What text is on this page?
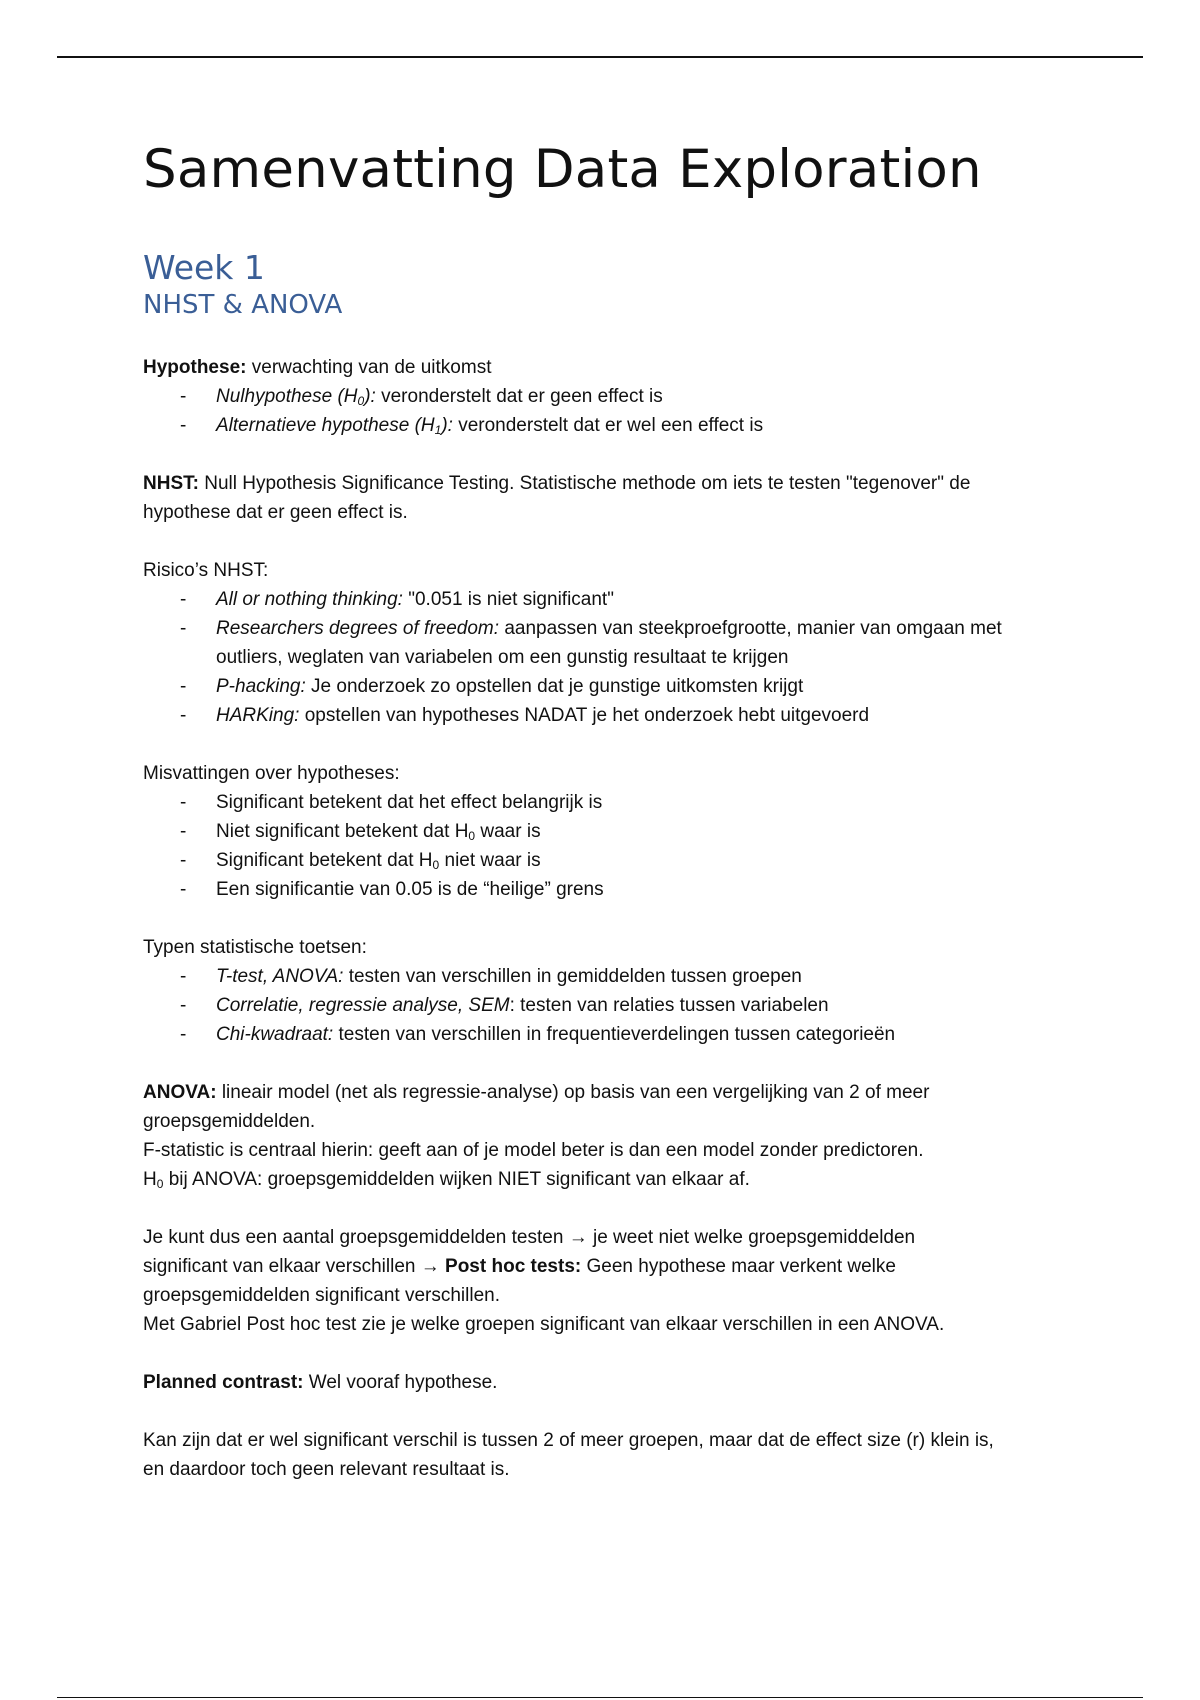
Samenvatting Data Exploration
Week 1
NHST & ANOVA

Hypothese: verwachting van de uitkomst

- Nulhypothese $(H_0)$: veronderstelt dat er geen effect is
- Alternatieve hypothese $(H_1)$: veronderstelt dat er wel een effect is

NHST: Null Hypothesis Significance Testing. Statistische methode om iets te testen "tegenover" de

hypothese dat er geen effect is.

Risico’s NHST:

- All or nothing thinking: "0.051 is niet significant"
- Researchers degrees of freedom: aanpassen van steekproefgrootte, manier van omgaan met
outliers, weglaten van variabelen om een gunstig resultaat te krijgen
- P-hacking: Je onderzoek zo opstellen dat je gunstige uitkomsten krijgt
- HARKing: opstellen van hypotheses NADAT je het onderzoek hebt uitgevoerd

Misvattingen over hypotheses:

- Significant betekent dat het effect belangrijk is
- Niet significant betekent dat $H_0$ waar is
- Significant betekent dat $H_0$ niet waar is
- Een significantie van 0.05 is de “heilige” grens

Typen statistische toetsen:

- T-test, ANOVA: testen van verschillen in gemiddelden tussen groepen
- Correlatie, regressie analyse, SEM: testen van relaties tussen variabelen
- Chi-kwadraat: testen van verschillen in frequentieverdelingen tussen categorieën

ANOVA: lineair model (net als regressie-analyse) op basis van een vergelijking van 2 of meer

groepsgemiddelden.

F-statistic is centraal hierin: geeft aan of je model beter is dan een model zonder predictoren.

$H_0$ bij ANOVA: groepsgemiddelden wijken NIET significant van elkaar af.

Je kunt dus een aantal groepsgemiddelden testen → je weet niet welke groepsgemiddelden

significant van elkaar verschillen → Post hoc tests: Geen hypothese maar verkent welke

groepsgemiddelden significant verschillen.

Met Gabriel Post hoc test zie je welke groepen significant van elkaar verschillen in een ANOVA.

Planned contrast: Wel vooraf hypothese.

Kan zijn dat er wel significant verschil is tussen 2 of meer groepen, maar dat de effect size (r) klein is,

en daardoor toch geen relevant resultaat is.
